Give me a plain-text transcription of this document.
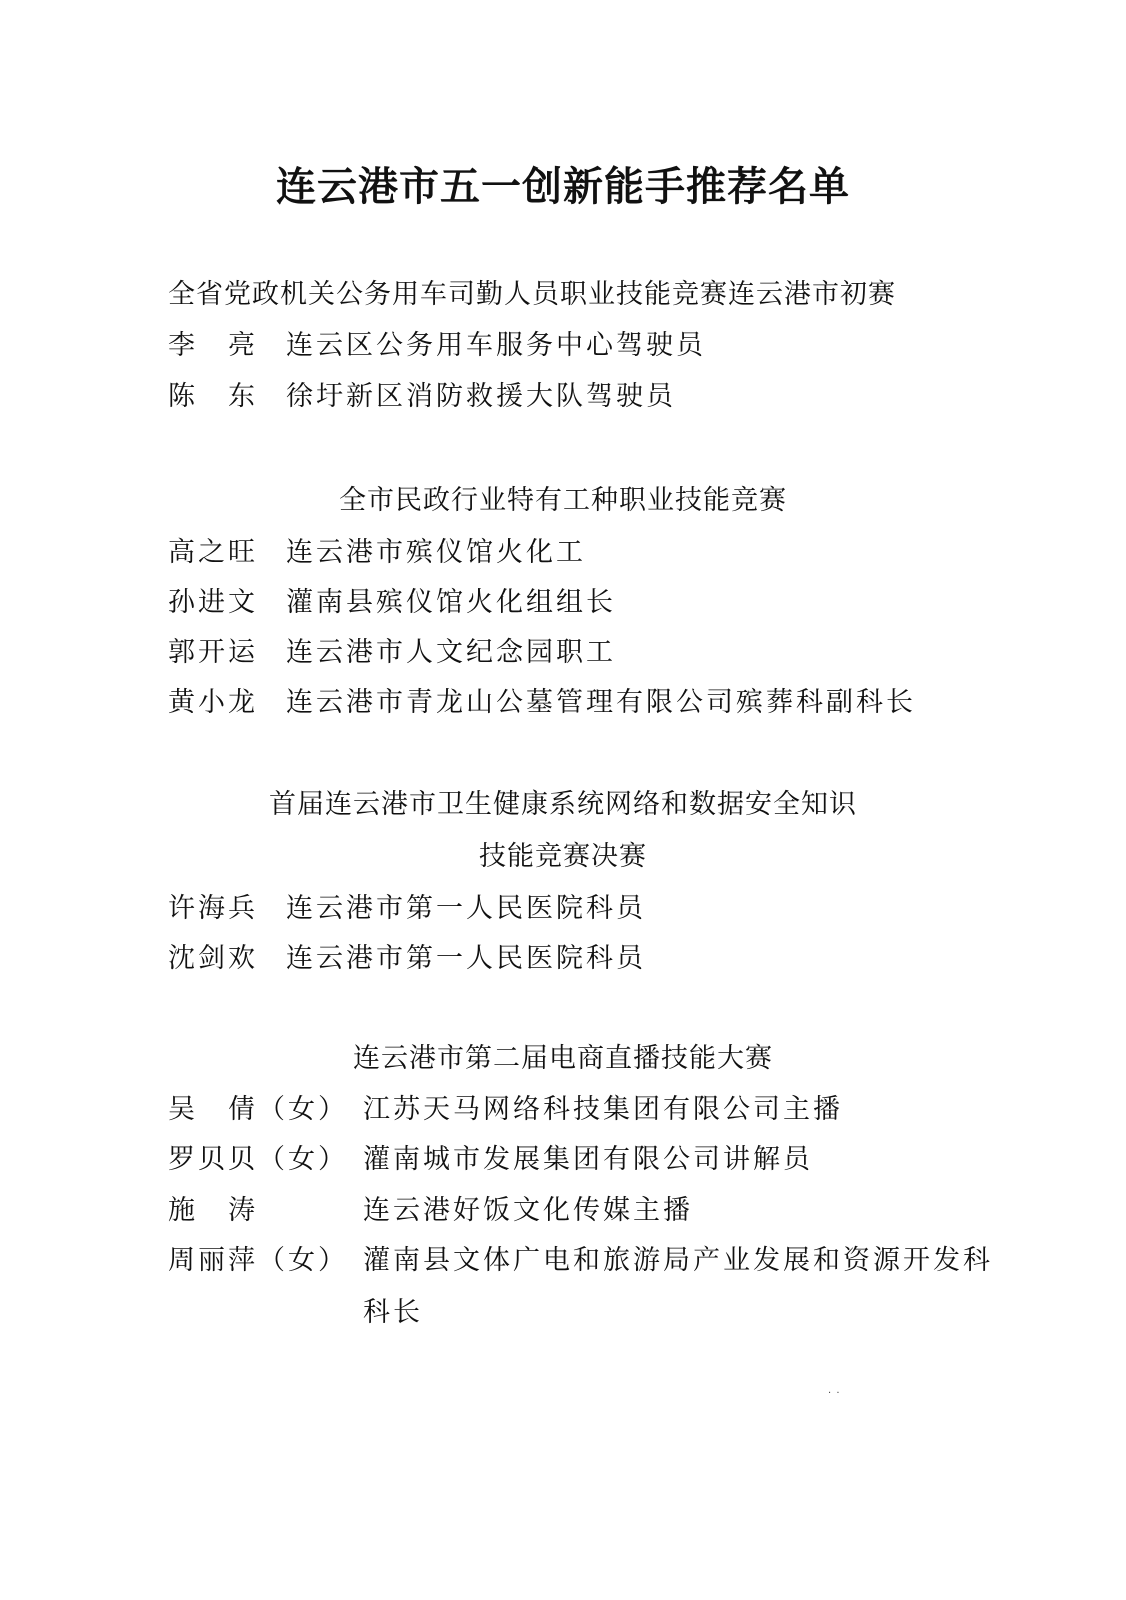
连云港市五一创新能手推荐名单
全省党政机关公务用车司勤人员职业技能竞赛连云港市初赛
李　亮 连云区公务用车服务中心驾驶员
陈　东 徐圩新区消防救援大队驾驶员
全市民政行业特有工种职业技能竞赛
高之旺 连云港市殡仪馆火化工
孙进文 灌南县殡仪馆火化组组长
郭开运 连云港市人文纪念园职工
黄小龙 连云港市青龙山公墓管理有限公司殡葬科副科长
首届连云港市卫生健康系统网络和数据安全知识
技能竞赛决赛
许海兵 连云港市第一人民医院科员
沈剑欢 连云港市第一人民医院科员
连云港市第二届电商直播技能大赛
吴　倩（女） 江苏天马网络科技集团有限公司主播
罗贝贝（女） 灌南城市发展集团有限公司讲解员
施　涛	连云港好饭文化传媒主播
周丽萍（女） 灌南县文体广电和旅游局产业发展和资源开发科
科长
· ·
